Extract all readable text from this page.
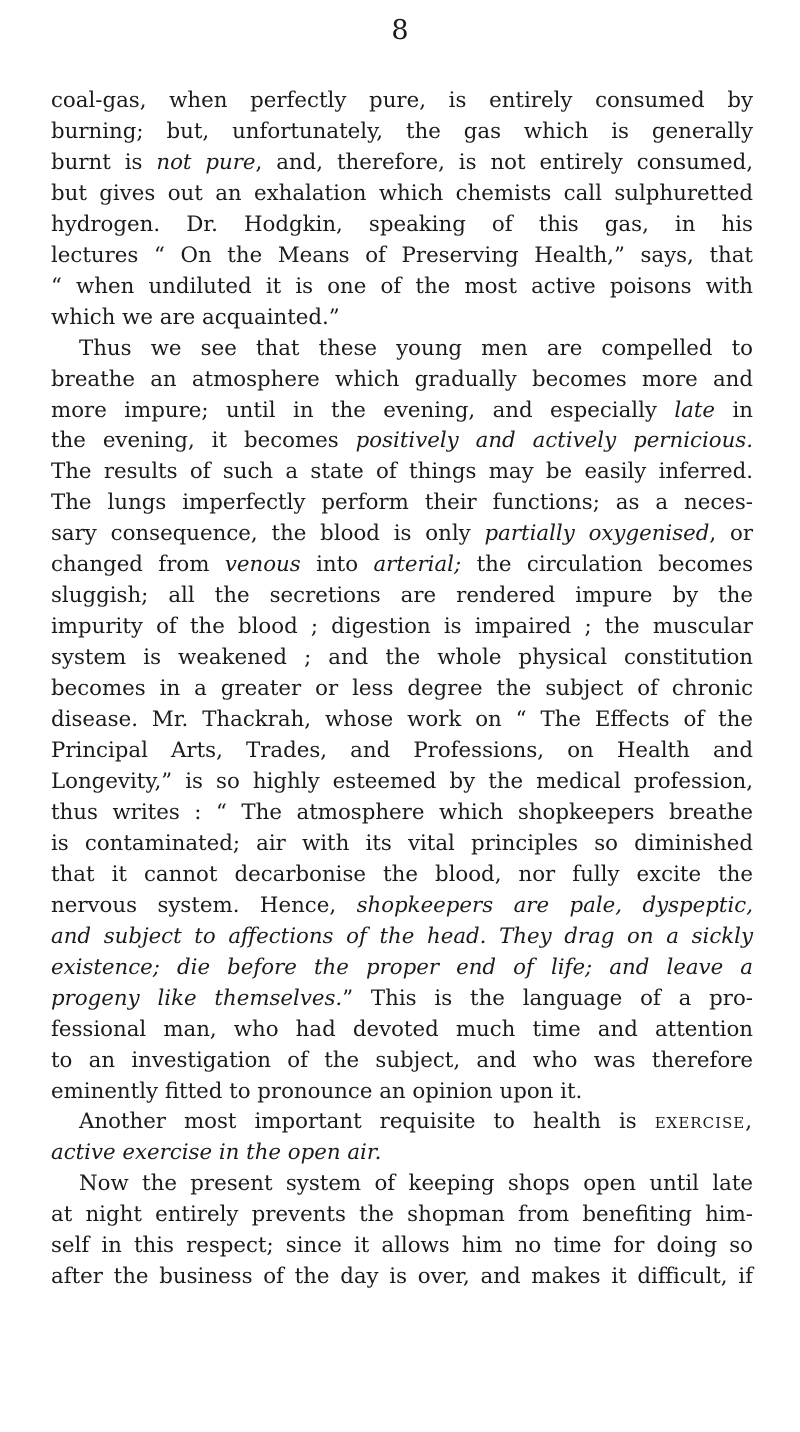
8
coal-gas, when perfectly pure, is entirely consumed by
burning; but, unfortunately, the gas which is generally
burnt is not pure, and, therefore, is not entirely consumed,
but gives out an exhalation which chemists call sulphuretted
hydrogen. Dr. Hodgkin, speaking of this gas, in his
lectures “ On the Means of Preserving Health,” says, that
“ when undiluted it is one of the most active poisons with
which we are acquainted.”
Thus we see that these young men are compelled to
breathe an atmosphere which gradually becomes more and
more impure; until in the evening, and especially late in
the evening, it becomes positively and actively pernicious.
The results of such a state of things may be easily inferred.
The lungs imperfectly perform their functions; as a neces-
sary consequence, the blood is only partially oxygenised, or
changed from venous into arterial; the circulation becomes
sluggish; all the secretions are rendered impure by the
impurity of the blood ; digestion is impaired ; the muscular
system is weakened ; and the whole physical constitution
becomes in a greater or less degree the subject of chronic
disease. Mr. Thackrah, whose work on “ The Effects of the
Principal Arts, Trades, and Professions, on Health and
Longevity,” is so highly esteemed by the medical profession,
thus writes : “ The atmosphere which shopkeepers breathe
is contaminated; air with its vital principles so diminished
that it cannot decarbonise the blood, nor fully excite the
nervous system. Hence, shopkeepers are pale, dyspeptic,
and subject to affections of the head. They drag on a sickly
existence; die before the proper end of life; and leave a
progeny like themselves.” This is the language of a pro-
fessional man, who had devoted much time and attention
to an investigation of the subject, and who was therefore
eminently fitted to pronounce an opinion upon it.
Another most important requisite to health is exercise,
active exercise in the open air.
Now the present system of keeping shops open until late
at night entirely prevents the shopman from benefiting him-
self in this respect; since it allows him no time for doing so
after the business of the day is over, and makes it difficult, if
